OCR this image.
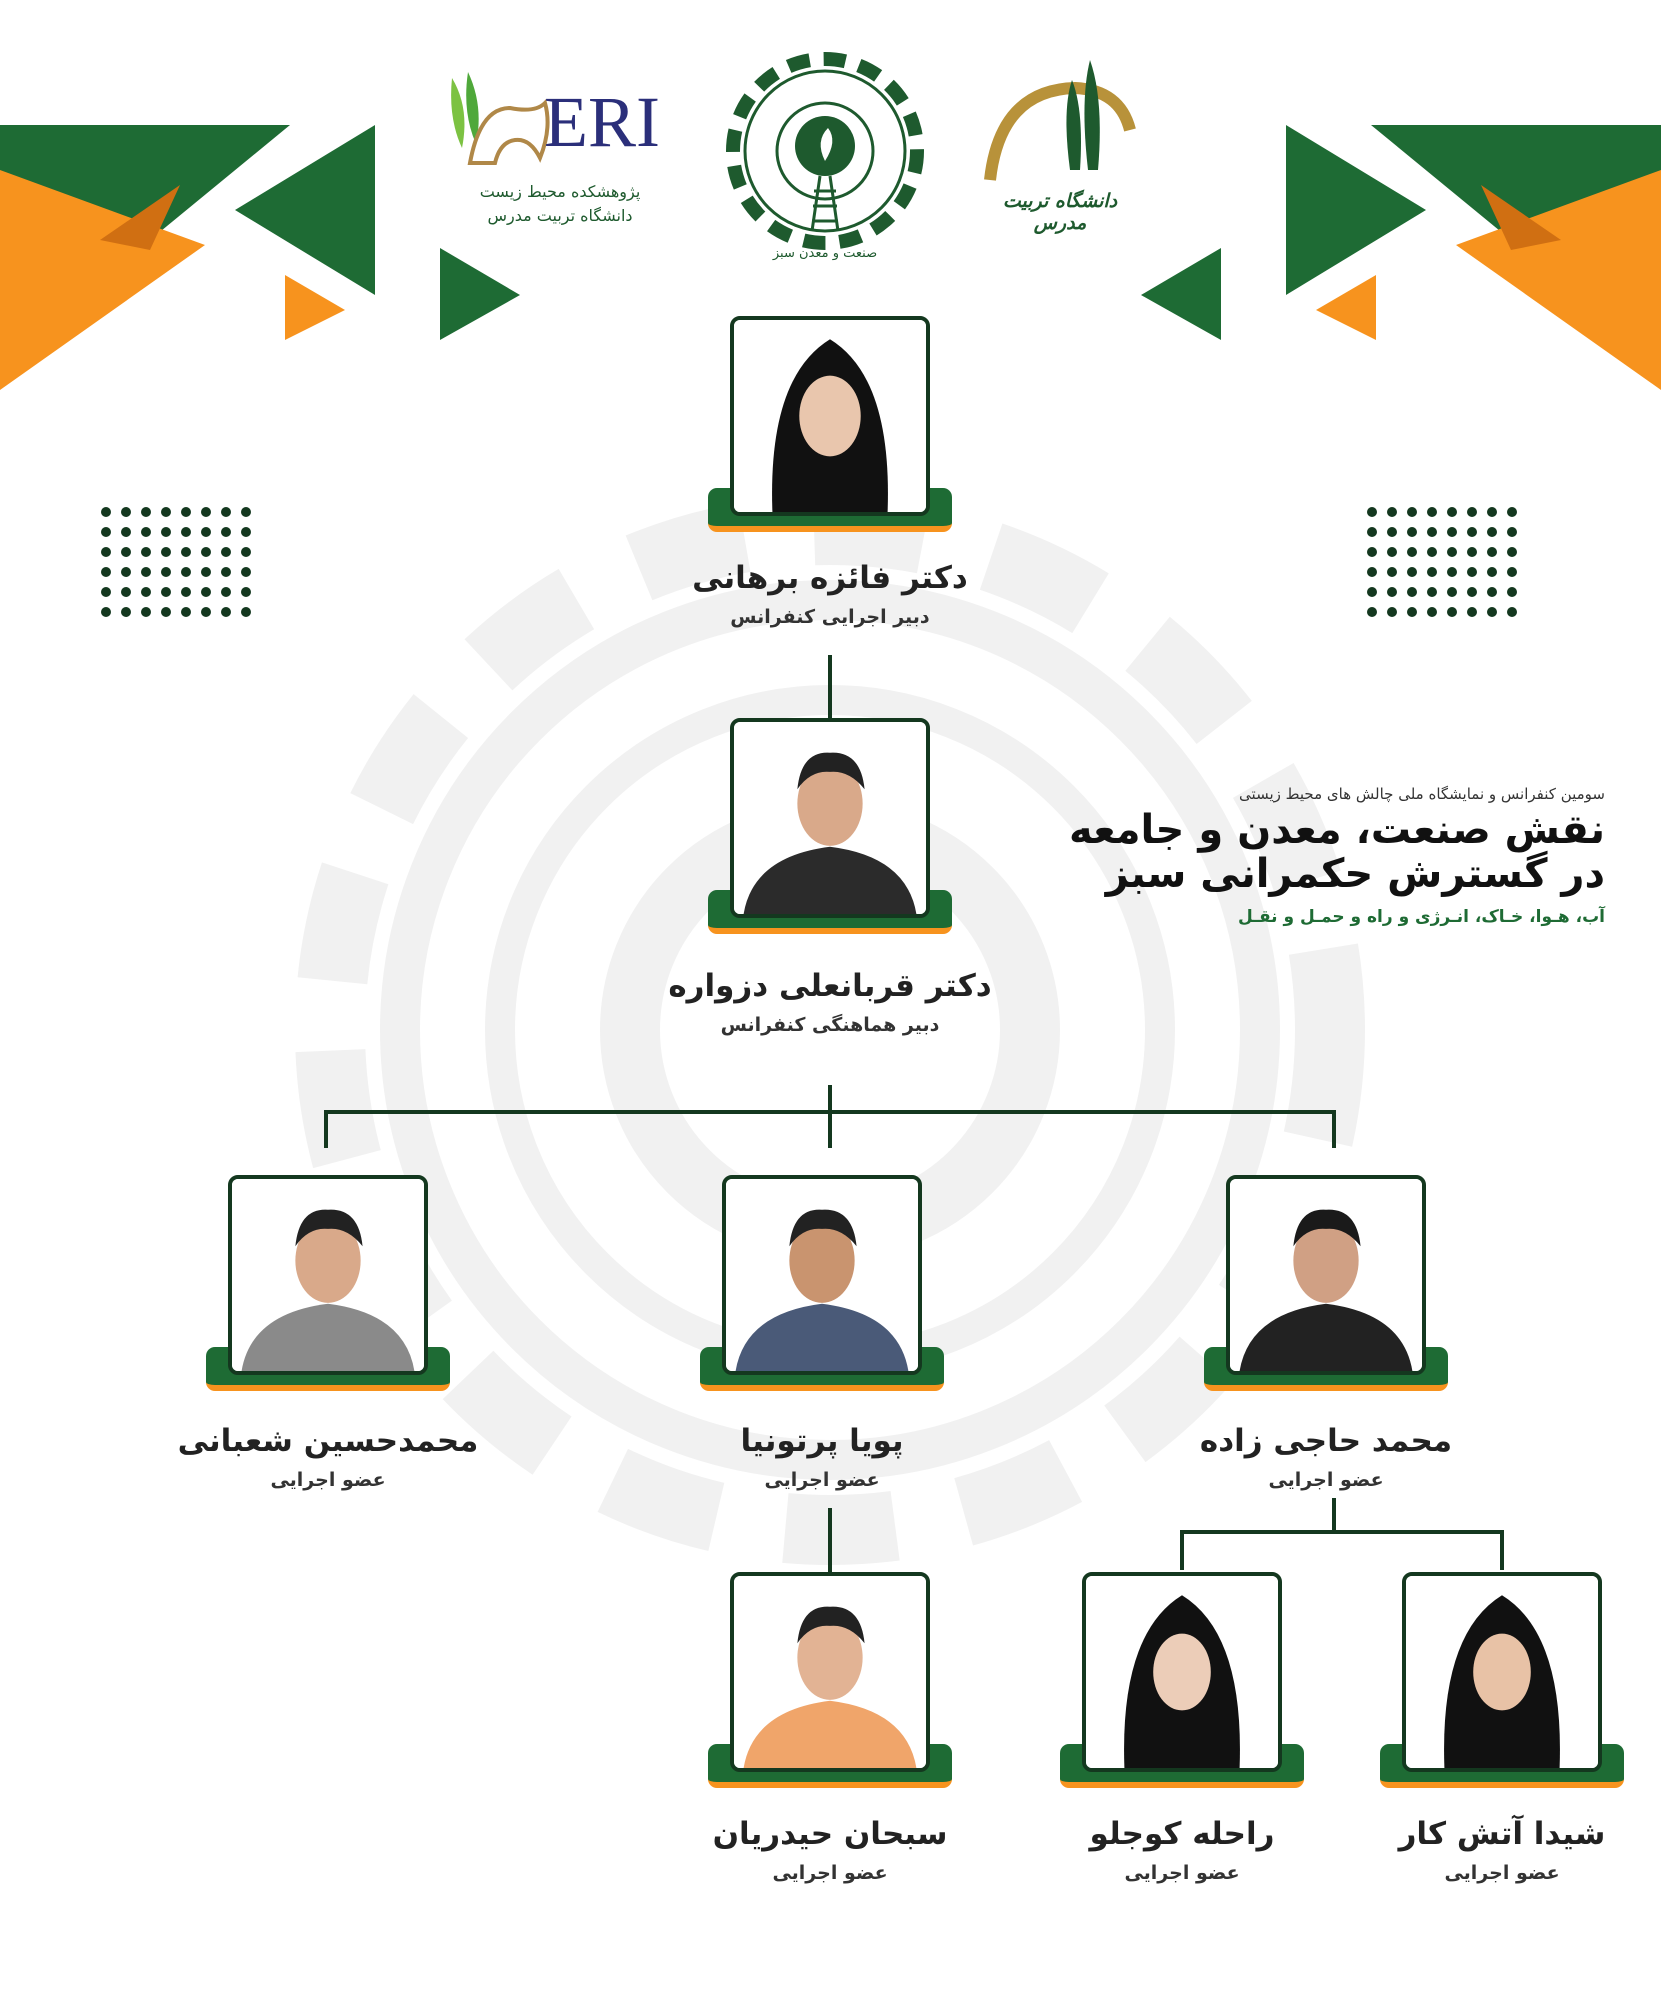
ERI
پژوهشکده محیط زیست
دانشگاه تربیت مدرس
صنعت و معدن سبز
دانشگاه تربیت مدرس
سومین کنفرانس و نمایشگاه ملی چالش های محیط زیستی
نقش صنعت، معدن و جامعه
در گسترش حکمرانی سبز
آب، هـوا، خـاک، انـرژی و راه و حمـل و نقـل
دکتر فائزه برهانی
دبیر اجرایی کنفرانس
دکتر قربانعلی دزواره
دبیر هماهنگی کنفرانس
محمدحسین شعبانی
عضو اجرایی
پویا پرتونیا
عضو اجرایی
محمد حاجی زاده
عضو اجرایی
سبحان حیدریان
عضو اجرایی
راحله کوجلو
عضو اجرایی
شیدا آتش کار
عضو اجرایی
